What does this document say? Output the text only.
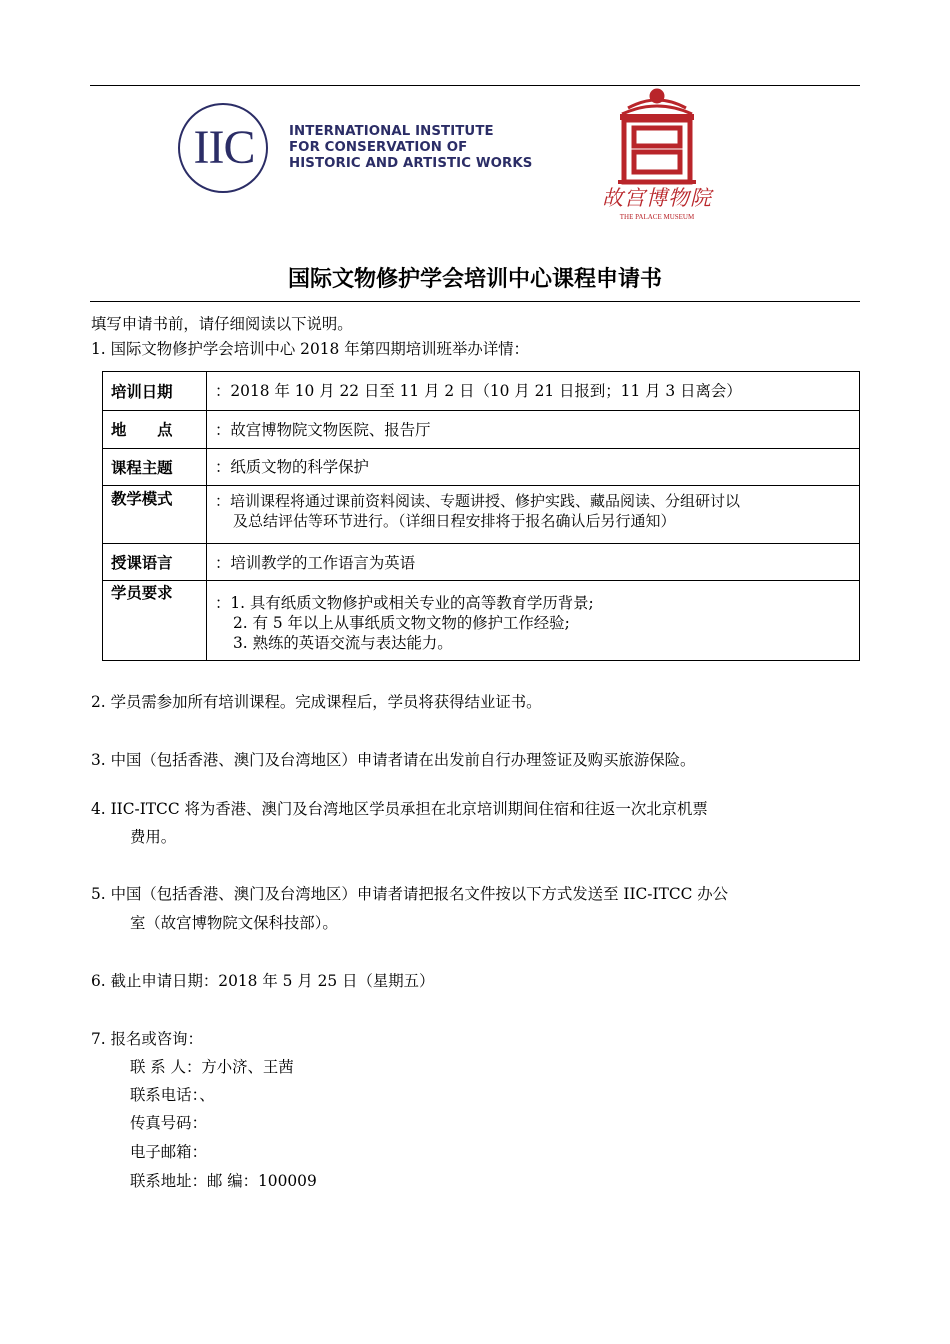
IIC	INTERNATIONAL INSTITUTE
FOR CONSERVATION OF
HISTORIC AND ARTISTIC WORKS
故宫博物院
THE PALACE MUSEUM
国际文物修护学会培训中心课程申请书
填写申请书前，请仔细阅读以下说明。
1. 国际文物修护学会培训中心 2018 年第四期培训班举办详情：
培训日期	：2018 年 10 月 22 日至 11 月 2 日（10 月 21 日报到；11 月 3 日离会）

地　　点	：故宫博物院文物医院、报告厅

课程主题	：纸质文物的科学保护

教学模式	：培训课程将通过课前资料阅读、专题讲授、修护实践、藏品阅读、分组研讨以
及总结评估等环节进行。（详细日程安排将于报名确认后另行通知）

授课语言	：培训教学的工作语言为英语

学员要求	：1. 具有纸质文物修护或相关专业的高等教育学历背景;
2. 有 5 年以上从事纸质文物文物的修护工作经验;
3. 熟练的英语交流与表达能力。
2. 学员需参加所有培训课程。完成课程后，学员将获得结业证书。
3. 中国（包括香港、澳门及台湾地区）申请者请在出发前自行办理签证及购买旅游保险。
4. IIC-ITCC 将为香港、澳门及台湾地区学员承担在北京培训期间住宿和往返一次北京机票
费用。
5. 中国（包括香港、澳门及台湾地区）申请者请把报名文件按以下方式发送至 IIC-ITCC 办公
室（故宫博物院文保科技部）。
6. 截止申请日期：2018 年 5 月 25 日（星期五）
7. 报名或咨询：
联 系 人：方小济、王茜
联系电话：、
传真号码：
电子邮箱：
联系地址：邮 编：100009
